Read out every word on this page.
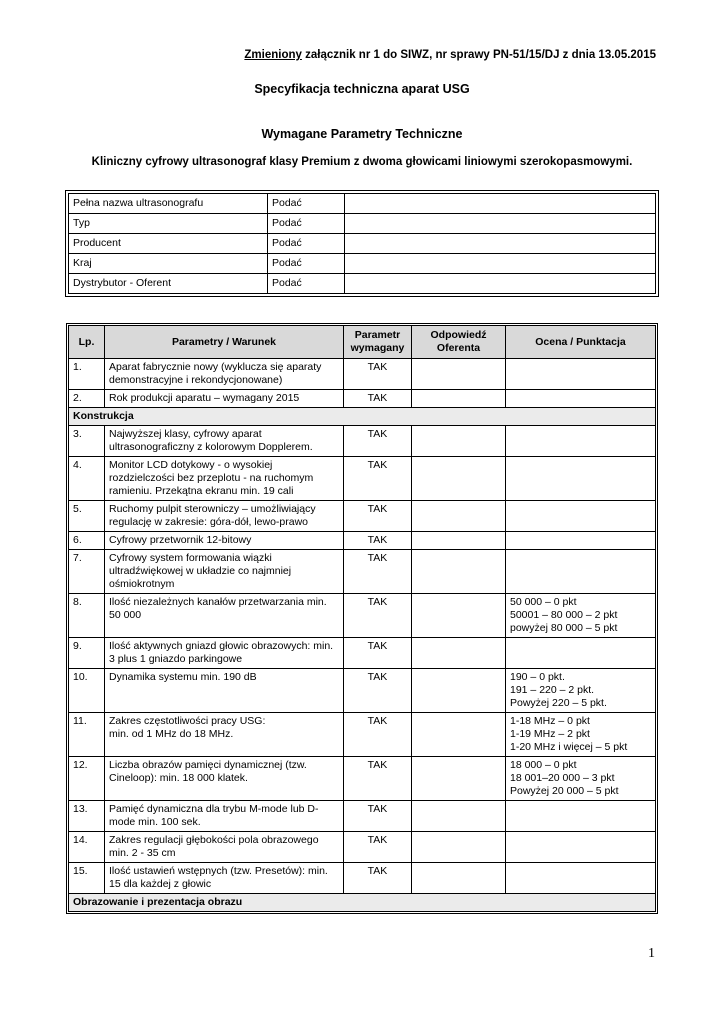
Zmieniony załącznik nr 1 do SIWZ, nr sprawy PN-51/15/DJ z dnia 13.05.2015
Specyfikacja techniczna aparat USG
Wymagane Parametry Techniczne
Kliniczny cyfrowy ultrasonograf klasy Premium z dwoma głowicami liniowymi szerokopasmowymi.
Pełna nazwa ultrasonografu	Podać	
Typ	Podać	
Producent	Podać	
Kraj	Podać	
Dystrybutor - Oferent	Podać	
Lp.	Parametry / Warunek	Parametr wymagany	Odpowiedź Oferenta	Ocena / Punktacja
1.	Aparat fabrycznie nowy (wyklucza się aparaty demonstracyjne i rekondycjonowane)	TAK		
2.	Rok produkcji aparatu – wymagany 2015	TAK		
Konstrukcja				
3.	Najwyższej klasy, cyfrowy aparat ultrasonograficzny z kolorowym Dopplerem.	TAK		
4.	Monitor LCD dotykowy - o wysokiej rozdzielczości bez przeplotu - na ruchomym ramieniu. Przekątna ekranu min. 19 cali	TAK		
5.	Ruchomy pulpit sterowniczy – umożliwiający regulację w zakresie: góra-dół, lewo-prawo	TAK		
6.	Cyfrowy przetwornik 12-bitowy	TAK		
7.	Cyfrowy system formowania wiązki ultradźwiękowej w układzie co najmniej ośmiokrotnym	TAK		
8.	Ilość niezależnych kanałów przetwarzania min. 50 000	TAK		50 000 – 0 pkt
50001 – 80 000 – 2 pkt
powyżej 80 000 – 5 pkt
9.	Ilość aktywnych gniazd głowic obrazowych: min. 3 plus 1 gniazdo parkingowe	TAK		
10.	Dynamika systemu min. 190 dB	TAK		190 – 0 pkt.
191 – 220 – 2 pkt.
Powyżej 220 – 5 pkt.
11.	Zakres częstotliwości pracy USG:
min. od 1 MHz do 18 MHz.	TAK		1-18 MHz – 0 pkt
1-19 MHz – 2 pkt
1-20 MHz i więcej – 5 pkt
12.	Liczba obrazów pamięci dynamicznej (tzw. Cineloop): min. 18 000 klatek.	TAK		18 000 – 0 pkt
18 001–20 000 – 3 pkt
Powyżej 20 000 – 5 pkt
13.	Pamięć dynamiczna dla trybu M-mode lub D-mode min. 100 sek.	TAK		
14.	Zakres regulacji głębokości pola obrazowego min. 2 - 35 cm	TAK		
15.	Ilość ustawień wstępnych (tzw. Presetów): min. 15 dla każdej z głowic	TAK		
Obrazowanie i prezentacja obrazu				
1
